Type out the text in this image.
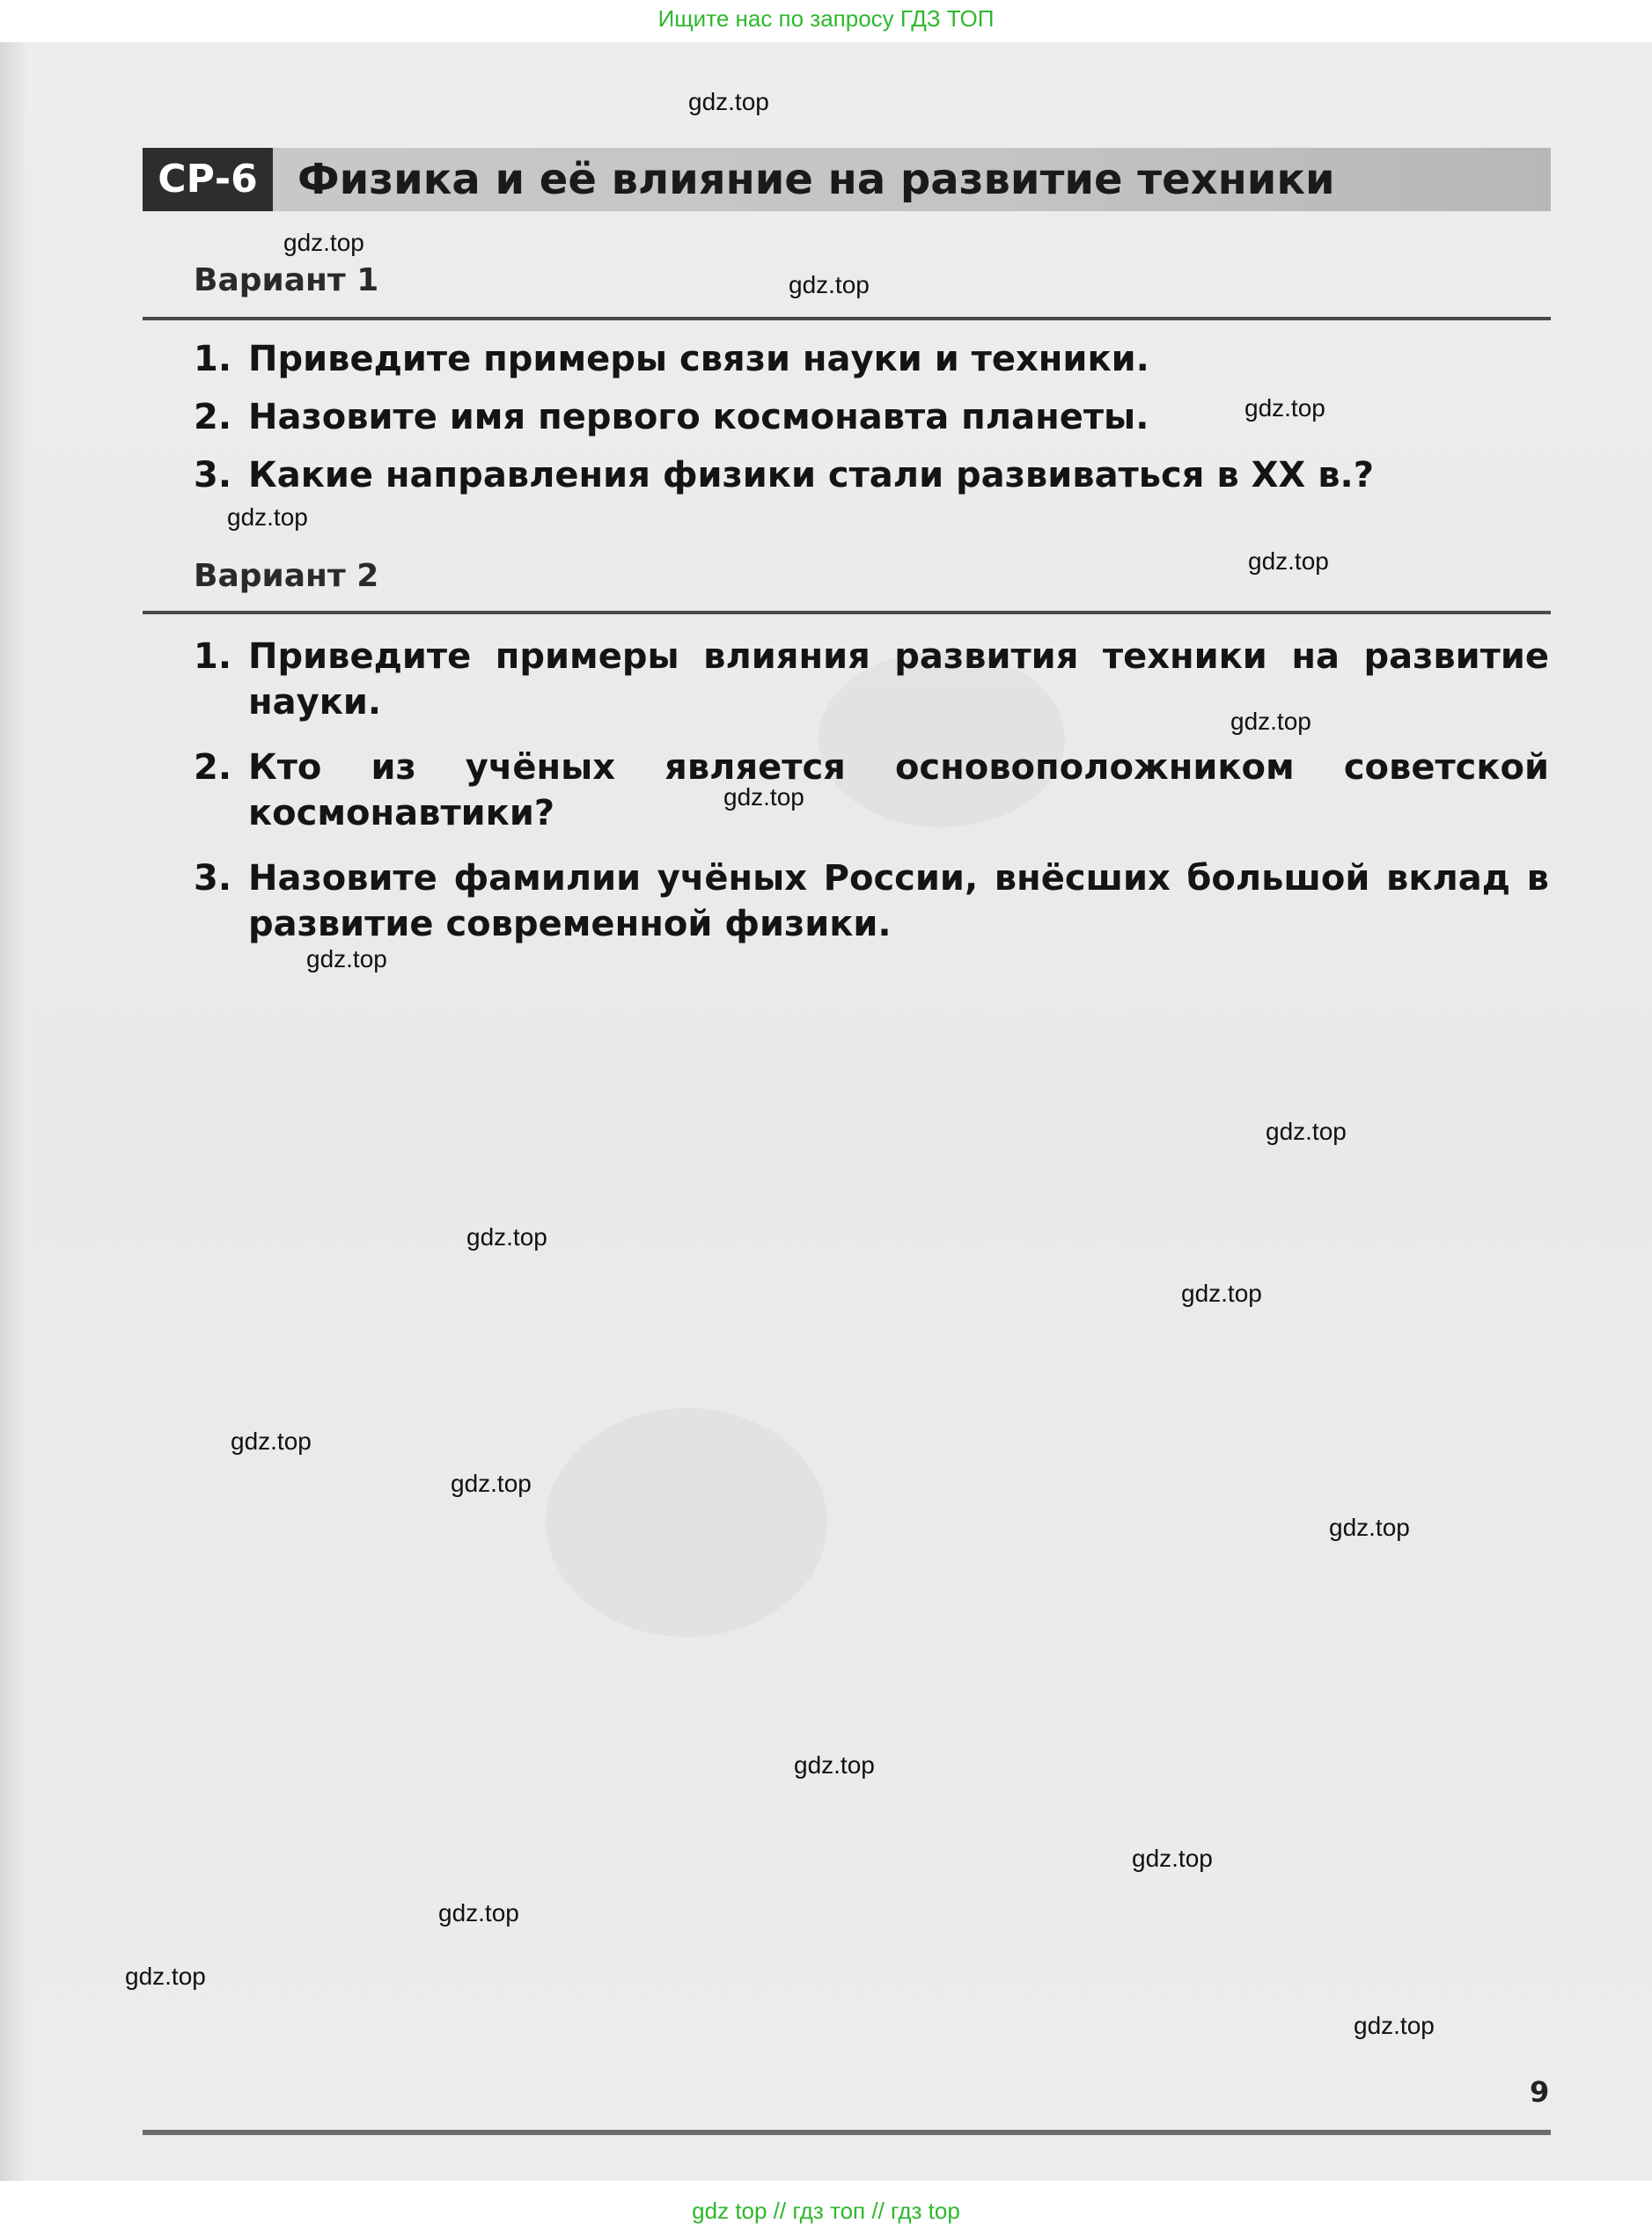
Ищите нас по запросу ГДЗ ТОП
СР-6 Физика и её влияние на развитие техники
Вариант 1
1. Приведите примеры связи науки и техники.
2. Назовите имя первого космонавта планеты.
3. Какие направления физики стали развиваться в XX в.?
Вариант 2
1. Приведите примеры влияния развития техники на развитие науки.
2. Кто из учёных является основоположником советской космонавтики?
3. Назовите фамилии учёных России, внёсших большой вклад в развитие современной физики.
gdz.top
gdz.top
gdz.top
gdz.top
gdz.top
gdz.top
gdz.top
gdz.top
gdz.top
gdz.top
gdz.top
gdz.top
gdz.top
gdz.top
gdz.top
gdz.top
gdz.top
gdz.top
gdz.top
gdz.top
9
gdz top // гдз топ // гдз top
